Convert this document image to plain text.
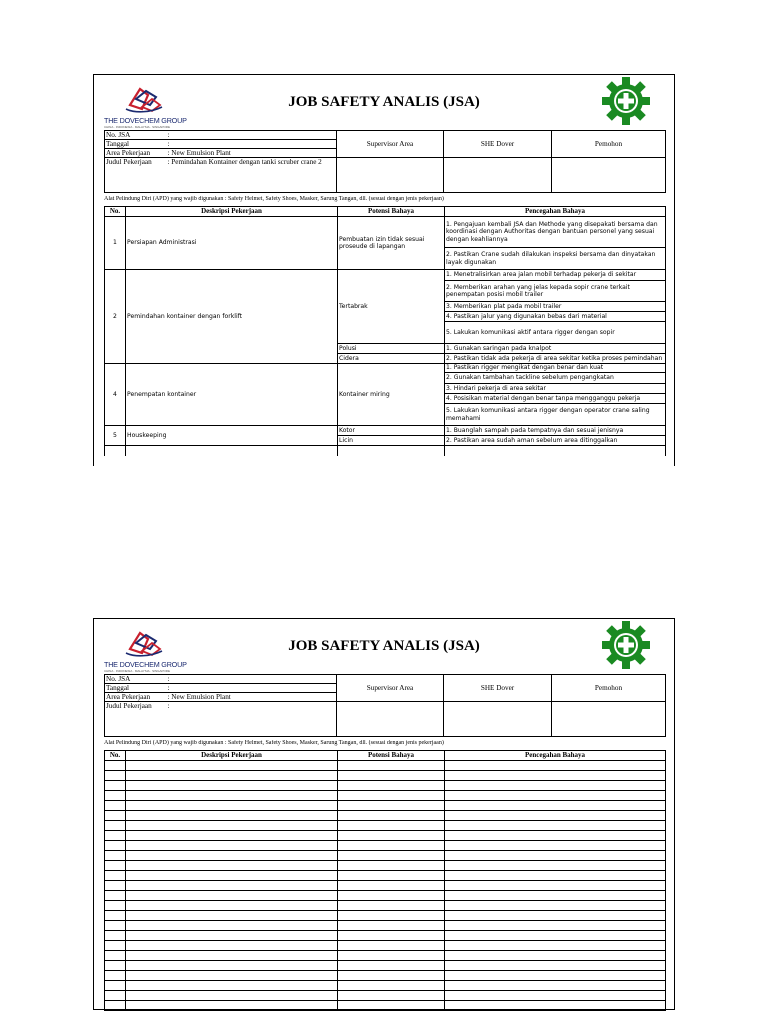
THE DOVECHEM GROUP
CHINA · INDONESIA · MALAYSIA · SINGAPORE
JOB SAFETY ANALIS (JSA)
No. JSA	:	Supervisor Area	SHE Dover	Pemohon
Tanggal	:			
Area Pekerjaan	: New Emulsion Plant			
Judul Pekerjaan	: Pemindahan Kontainer dengan tanki scruber crane 2			
Alat Pelindung Diri (APD) yang wajib digunakan : Safety Helmet, Safety Shoes, Masker, Sarung Tangan, dll. (sesuai dengan jenis pekerjaan)
No.	Deskripsi Pekerjaan	Potensi Bahaya	Pencegahan Bahaya
1	Persiapan Administrasi	Pembuatan izin tidak sesuai proseude di lapangan	1. Pengajuan kembali JSA dan Methode yang disepakati bersama dan koordinasi dengan Authoritas dengan bantuan personel yang sesuai dengan keahliannya
			2. Pastikan Crane sudah dilakukan inspeksi bersama dan dinyatakan layak digunakan
2	Pemindahan kontainer dengan forklift	Tertabrak	1. Menetralisirkan area jalan mobil terhadap pekerja di sekitar
			2. Memberikan arahan yang jelas kepada sopir crane terkait penempatan posisi mobil trailer
			3. Memberikan plat pada mobil trailer
			4. Pastikan jalur yang digunakan bebas dari material
			5. Lakukan komunikasi aktif antara rigger dengan sopir
		Polusi	1. Gunakan saringan pada knalpot
		Cidera	2. Pastikan tidak ada pekerja di area sekitar ketika proses pemindahan
4	Penempatan kontainer	Kontainer miring	1. Pastikan rigger mengikat dengan benar dan kuat
			2. Gunakan tambahan tackline sebelum pengangkatan
			3. Hindari pekerja di area sekitar
			4. Posisikan material dengan benar tanpa mengganggu pekerja
			5. Lakukan komunikasi antara rigger dengan operator crane saling memahami
5	Houskeeping	Kotor	1. Buanglah sampah pada tempatnya dan sesuai jenisnya
		Licin	2. Pastikan area sudah aman sebelum area ditinggalkan

THE DOVECHEM GROUP
CHINA · INDONESIA · MALAYSIA · SINGAPORE
JOB SAFETY ANALIS (JSA)
No. JSA	:	Supervisor Area	SHE Dover	Pemohon
Tanggal	:			
Area Pekerjaan	: New Emulsion Plant			
Judul Pekerjaan	:			
Alat Pelindung Diri (APD) yang wajib digunakan : Safety Helmet, Safety Shoes, Masker, Sarung Tangan, dll. (sesuai dengan jenis pekerjaan)
No.	Deskripsi Pekerjaan	Potensi Bahaya	Pencegahan Bahaya
